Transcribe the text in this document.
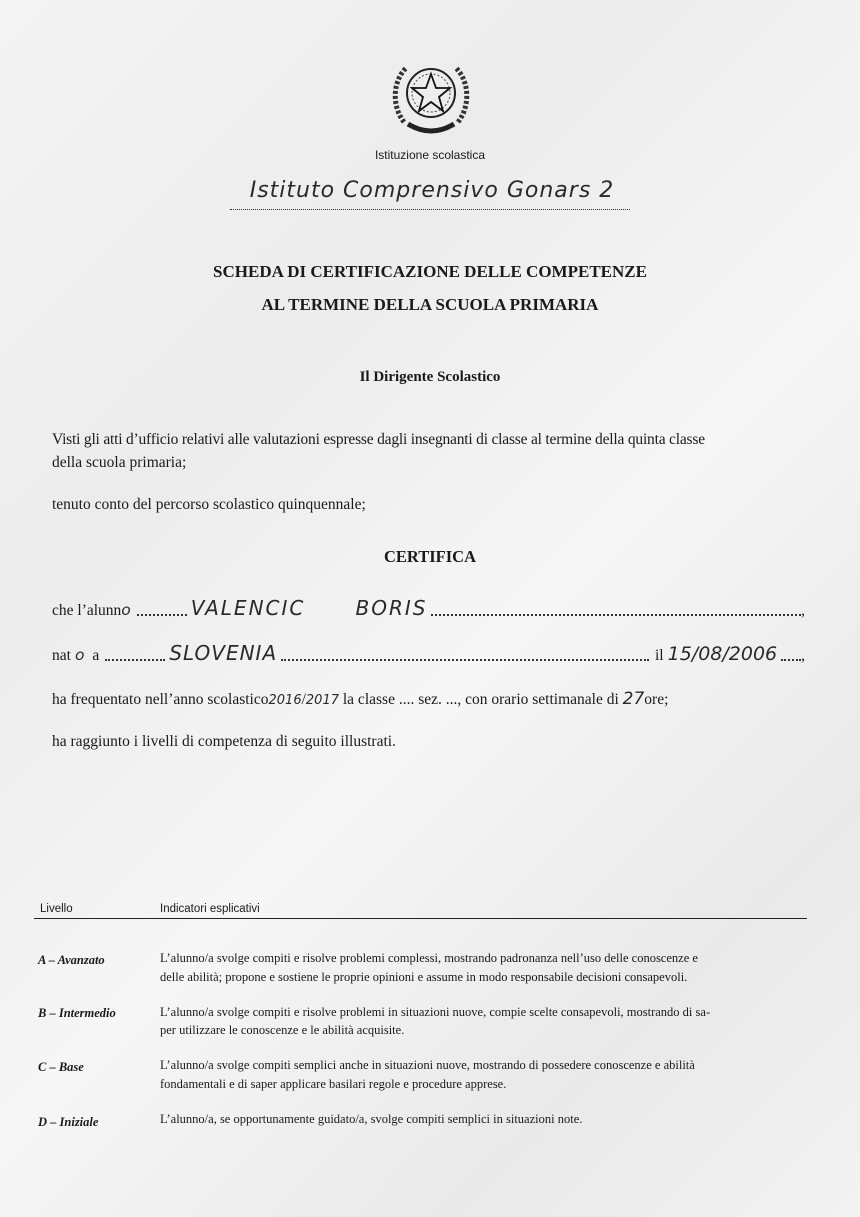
Istituzione scolastica
Istituto Comprensivo Gonars 2
SCHEDA DI CERTIFICAZIONE DELLE COMPETENZE
AL TERMINE DELLA SCUOLA PRIMARIA
Il Dirigente Scolastico
Visti gli atti d’ufficio relativi alle valutazioni espresse dagli insegnanti di classe al termine della quinta classe
della scuola primaria;
tenuto conto del percorso scolastico quinquennale;
CERTIFICA
che l’alunn o	VALENCIC      BORIS	,
nat o a	SLOVENIA	il 15/08/2006 ,
ha frequentato nell’anno scolastico2016/2017 la classe .... sez. ..., con orario settimanale di 27ore;
ha raggiunto i livelli di competenza di seguito illustrati.
Livello	Indicatori esplicativi
A – Avanzato	L’alunno/a svolge compiti e risolve problemi complessi, mostrando padronanza nell’uso delle conoscenze e
delle abilità; propone e sostiene le proprie opinioni e assume in modo responsabile decisioni consapevoli.
B – Intermedio	L’alunno/a svolge compiti e risolve problemi in situazioni nuove, compie scelte consapevoli, mostrando di sa-
per utilizzare le conoscenze e le abilità acquisite.
C – Base	L’alunno/a svolge compiti semplici anche in situazioni nuove, mostrando di possedere conoscenze e abilità
fondamentali e di saper applicare basilari regole e procedure apprese.
D – Iniziale	L’alunno/a, se opportunamente guidato/a, svolge compiti semplici in situazioni note.
